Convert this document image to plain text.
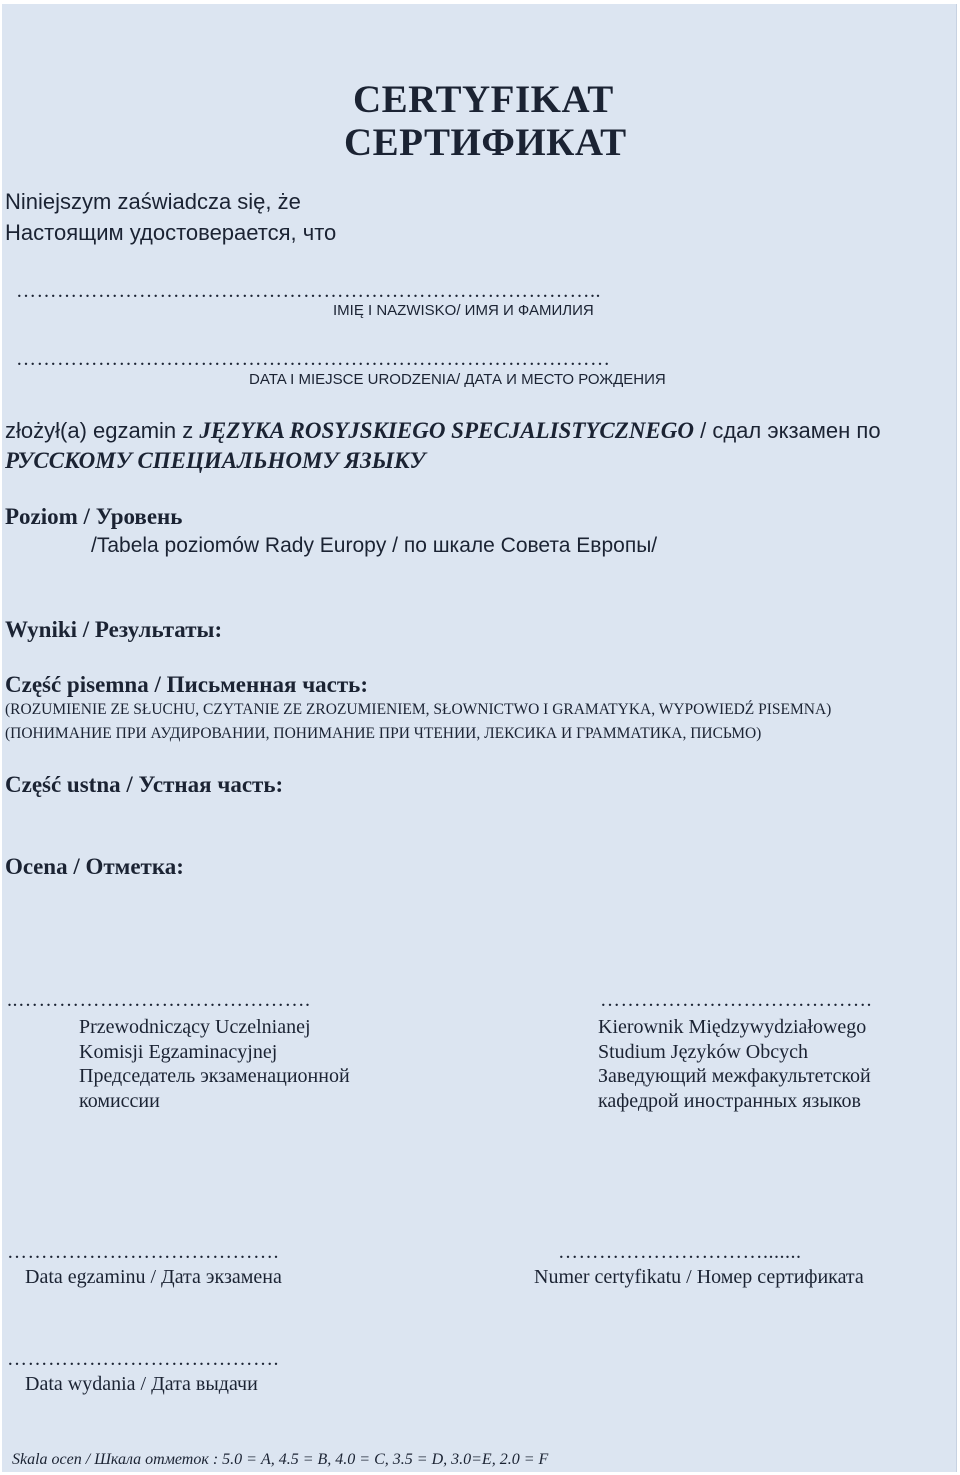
CERTYFIKAT
СЕРТИФИКАТ
Niniejszym zaświadcza się, że
Настоящим удостоверается, что
…………………………………………………………………………..
IMIĘ I NAZWISKO/ ИМЯ И ФАМИЛИЯ
……………………………………………………………………………
DATA I MIEJSCE URODZENIA/ ДАТА И МЕСТО РОЖДЕНИЯ
złożył(a) egzamin z JĘZYKA ROSYJSKIEGO SPECJALISTYCZNEGO / сдал экзамен по
РУССКОМУ СПЕЦИАЛЬНОМУ ЯЗЫКУ
Poziom / Уровень
/Tabela poziomów Rady Europy / по шкале Совета Европы/
Wyniki / Результаты:
Część pisemna / Письменная часть:
(ROZUMIENIE ZE SŁUCHU, CZYTANIE ZE ZROZUMIENIEM, SŁOWNICTWO I GRAMATYKA, WYPOWIEDŹ PISEMNA)
(ПОНИМАНИЕ ПРИ АУДИРОВАНИИ, ПОНИМАНИЕ ПРИ ЧТЕНИИ, ЛЕКСИКА И ГРАММАТИКА, ПИСЬМО)
Część ustna / Устная часть:
Ocena / Отметка:
..…………………………………….
Przewodniczący Uczelnianej
Komisji Egzaminacyjnej
Председатель экзаменационной
комиссии
………………………………….
Kierownik Międzywydziałowego
Studium Języków Obcych
Заведующий межфакультетской
кафедрой иностранных языков
………………………………….
Data egzaminu / Дата экзамена
………………………….......
Numer certyfikatu / Номер сертификата
………………………………….
Data wydania / Дата выдачи
Skala ocen / Шкала отметок : 5.0 = A, 4.5 = B, 4.0 = C, 3.5 = D, 3.0=E, 2.0 = F
